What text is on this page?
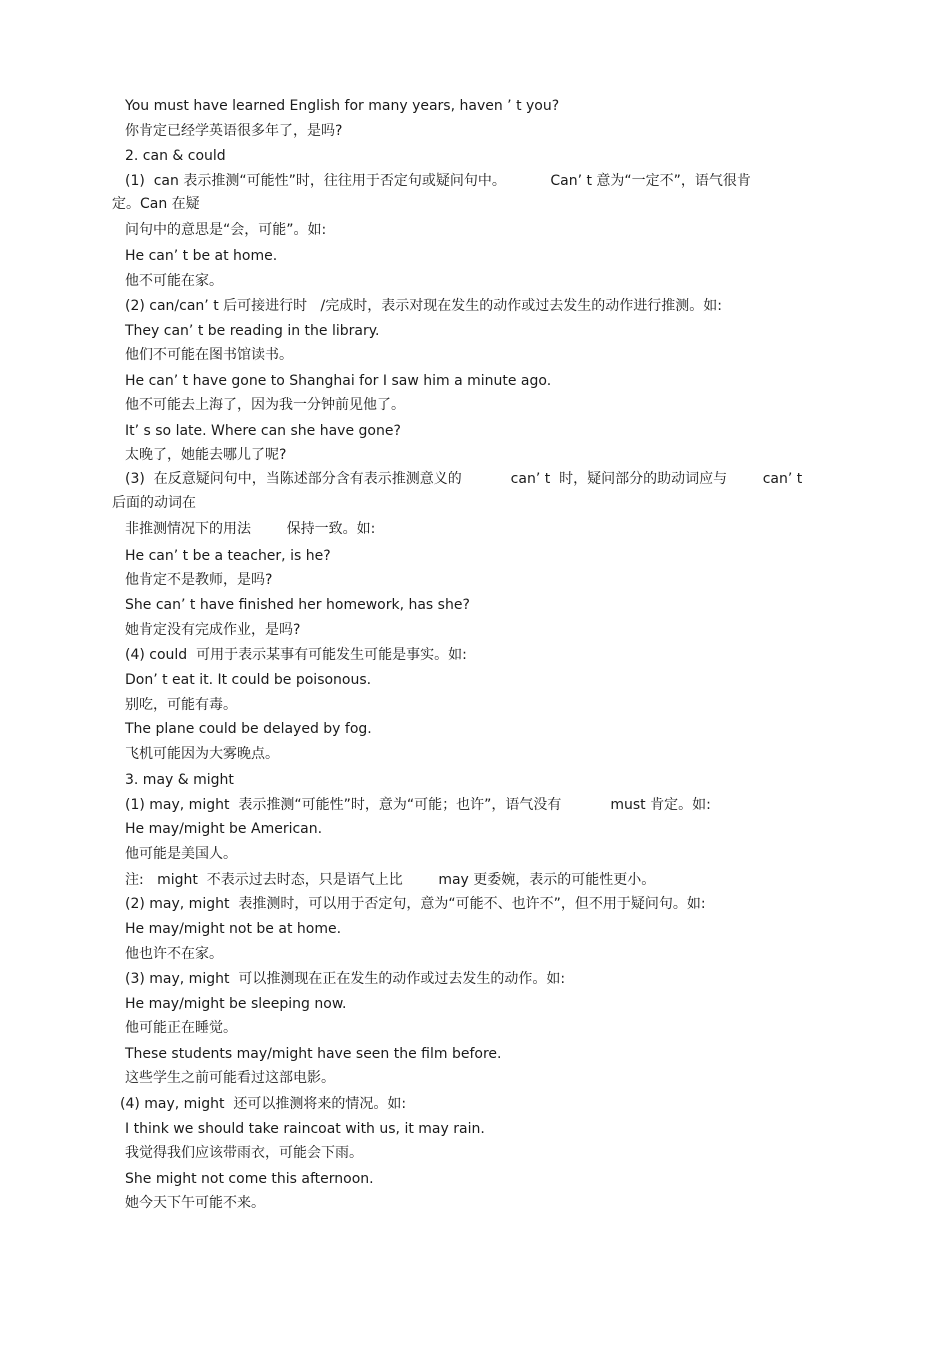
You must have learned English for many years, haven ’ t you?
你肯定已经学英语很多年了，是吗?
2. can & could
(1)  can 表示推测“可能性”时，往往用于否定句或疑问句中。          Can’ t 意为“一定不”，语气很肯
定。Can 在疑
问句中的意思是“会，可能”。如:
He can’ t be at home.
他不可能在家。
(2) can/can’ t 后可接进行时   /完成时，表示对现在发生的动作或过去发生的动作进行推测。如:
They can’ t be reading in the library.
他们不可能在图书馆读书。
He can’ t have gone to Shanghai for I saw him a minute ago.
他不可能去上海了，因为我一分钟前见他了。
It’ s so late. Where can she have gone?
太晚了，她能去哪儿了呢?
(3)  在反意疑问句中，当陈述部分含有表示推测意义的           can’ t  时，疑问部分的助动词应与        can’ t
后面的动词在
非推测情况下的用法        保持一致。如:
He can’ t be a teacher, is he?
他肯定不是教师，是吗?
She can’ t have finished her homework, has she?
她肯定没有完成作业，是吗?
(4) could  可用于表示某事有可能发生可能是事实。如:
Don’ t eat it. It could be poisonous.
别吃，可能有毒。
The plane could be delayed by fog.
飞机可能因为大雾晚点。
3. may & might
(1) may, might  表示推测“可能性”时，意为“可能；也许”，语气没有           must 肯定。如:
He may/might be American.
他可能是美国人。
注:   might  不表示过去时态，只是语气上比        may 更委婉，表示的可能性更小。
(2) may, might  表推测时，可以用于否定句，意为“可能不、也许不”，但不用于疑问句。如:
He may/might not be at home.
他也许不在家。
(3) may, might  可以推测现在正在发生的动作或过去发生的动作。如:
He may/might be sleeping now.
他可能正在睡觉。
These students may/might have seen the film before.
这些学生之前可能看过这部电影。
(4) may, might  还可以推测将来的情况。如:
I think we should take raincoat with us, it may rain.
我觉得我们应该带雨衣，可能会下雨。
She might not come this afternoon.
她今天下午可能不来。
